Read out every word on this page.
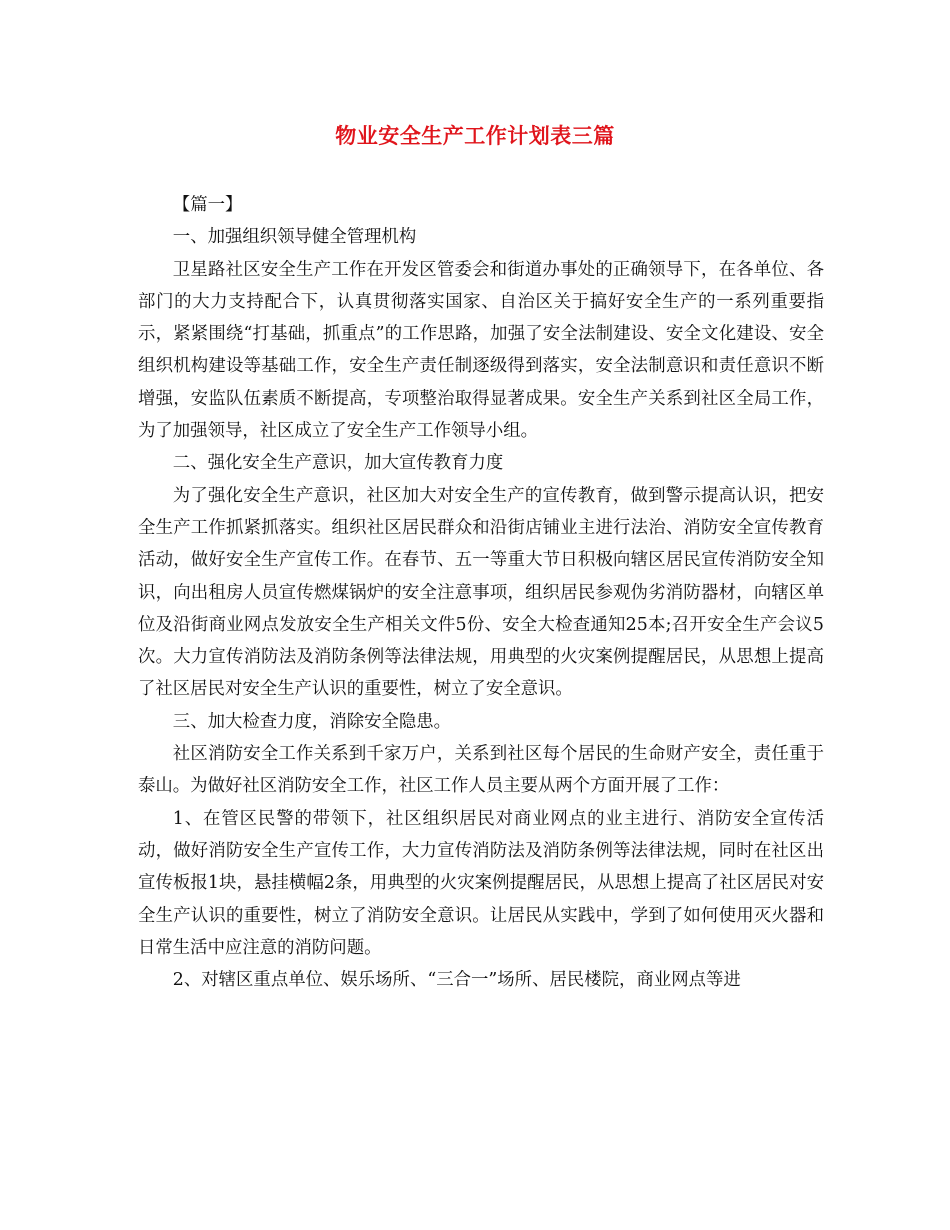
物业安全生产工作计划表三篇

【篇一】

一、加强组织领导健全管理机构

卫星路社区安全生产工作在开发区管委会和街道办事处的正确领导下，在各单位、各部门的大力支持配合下，认真贯彻落实国家、自治区关于搞好安全生产的一系列重要指示，紧紧围绕“打基础，抓重点”的工作思路，加强了安全法制建设、安全文化建设、安全组织机构建设等基础工作，安全生产责任制逐级得到落实，安全法制意识和责任意识不断增强，安监队伍素质不断提高，专项整治取得显著成果。安全生产关系到社区全局工作，为了加强领导，社区成立了安全生产工作领导小组。

二、强化安全生产意识，加大宣传教育力度

为了强化安全生产意识，社区加大对安全生产的宣传教育，做到警示提高认识，把安全生产工作抓紧抓落实。组织社区居民群众和沿街店铺业主进行法治、消防安全宣传教育活动，做好安全生产宣传工作。在春节、五一等重大节日积极向辖区居民宣传消防安全知识，向出租房人员宣传燃煤锅炉的安全注意事项，组织居民参观伪劣消防器材，向辖区单位及沿街商业网点发放安全生产相关文件5份、安全大检查通知25本;召开安全生产会议5次。大力宣传消防法及消防条例等法律法规，用典型的火灾案例提醒居民，从思想上提高了社区居民对安全生产认识的重要性，树立了安全意识。

三、加大检查力度，消除安全隐患。

社区消防安全工作关系到千家万户，关系到社区每个居民的生命财产安全，责任重于泰山。为做好社区消防安全工作，社区工作人员主要从两个方面开展了工作：

1、在管区民警的带领下，社区组织居民对商业网点的业主进行、消防安全宣传活动，做好消防安全生产宣传工作，大力宣传消防法及消防条例等法律法规，同时在社区出宣传板报1块，悬挂横幅2条，用典型的火灾案例提醒居民，从思想上提高了社区居民对安全生产认识的重要性，树立了消防安全意识。让居民从实践中，学到了如何使用灭火器和日常生活中应注意的消防问题。

2、对辖区重点单位、娱乐场所、“三合一”场所、居民楼院，商业网点等进
